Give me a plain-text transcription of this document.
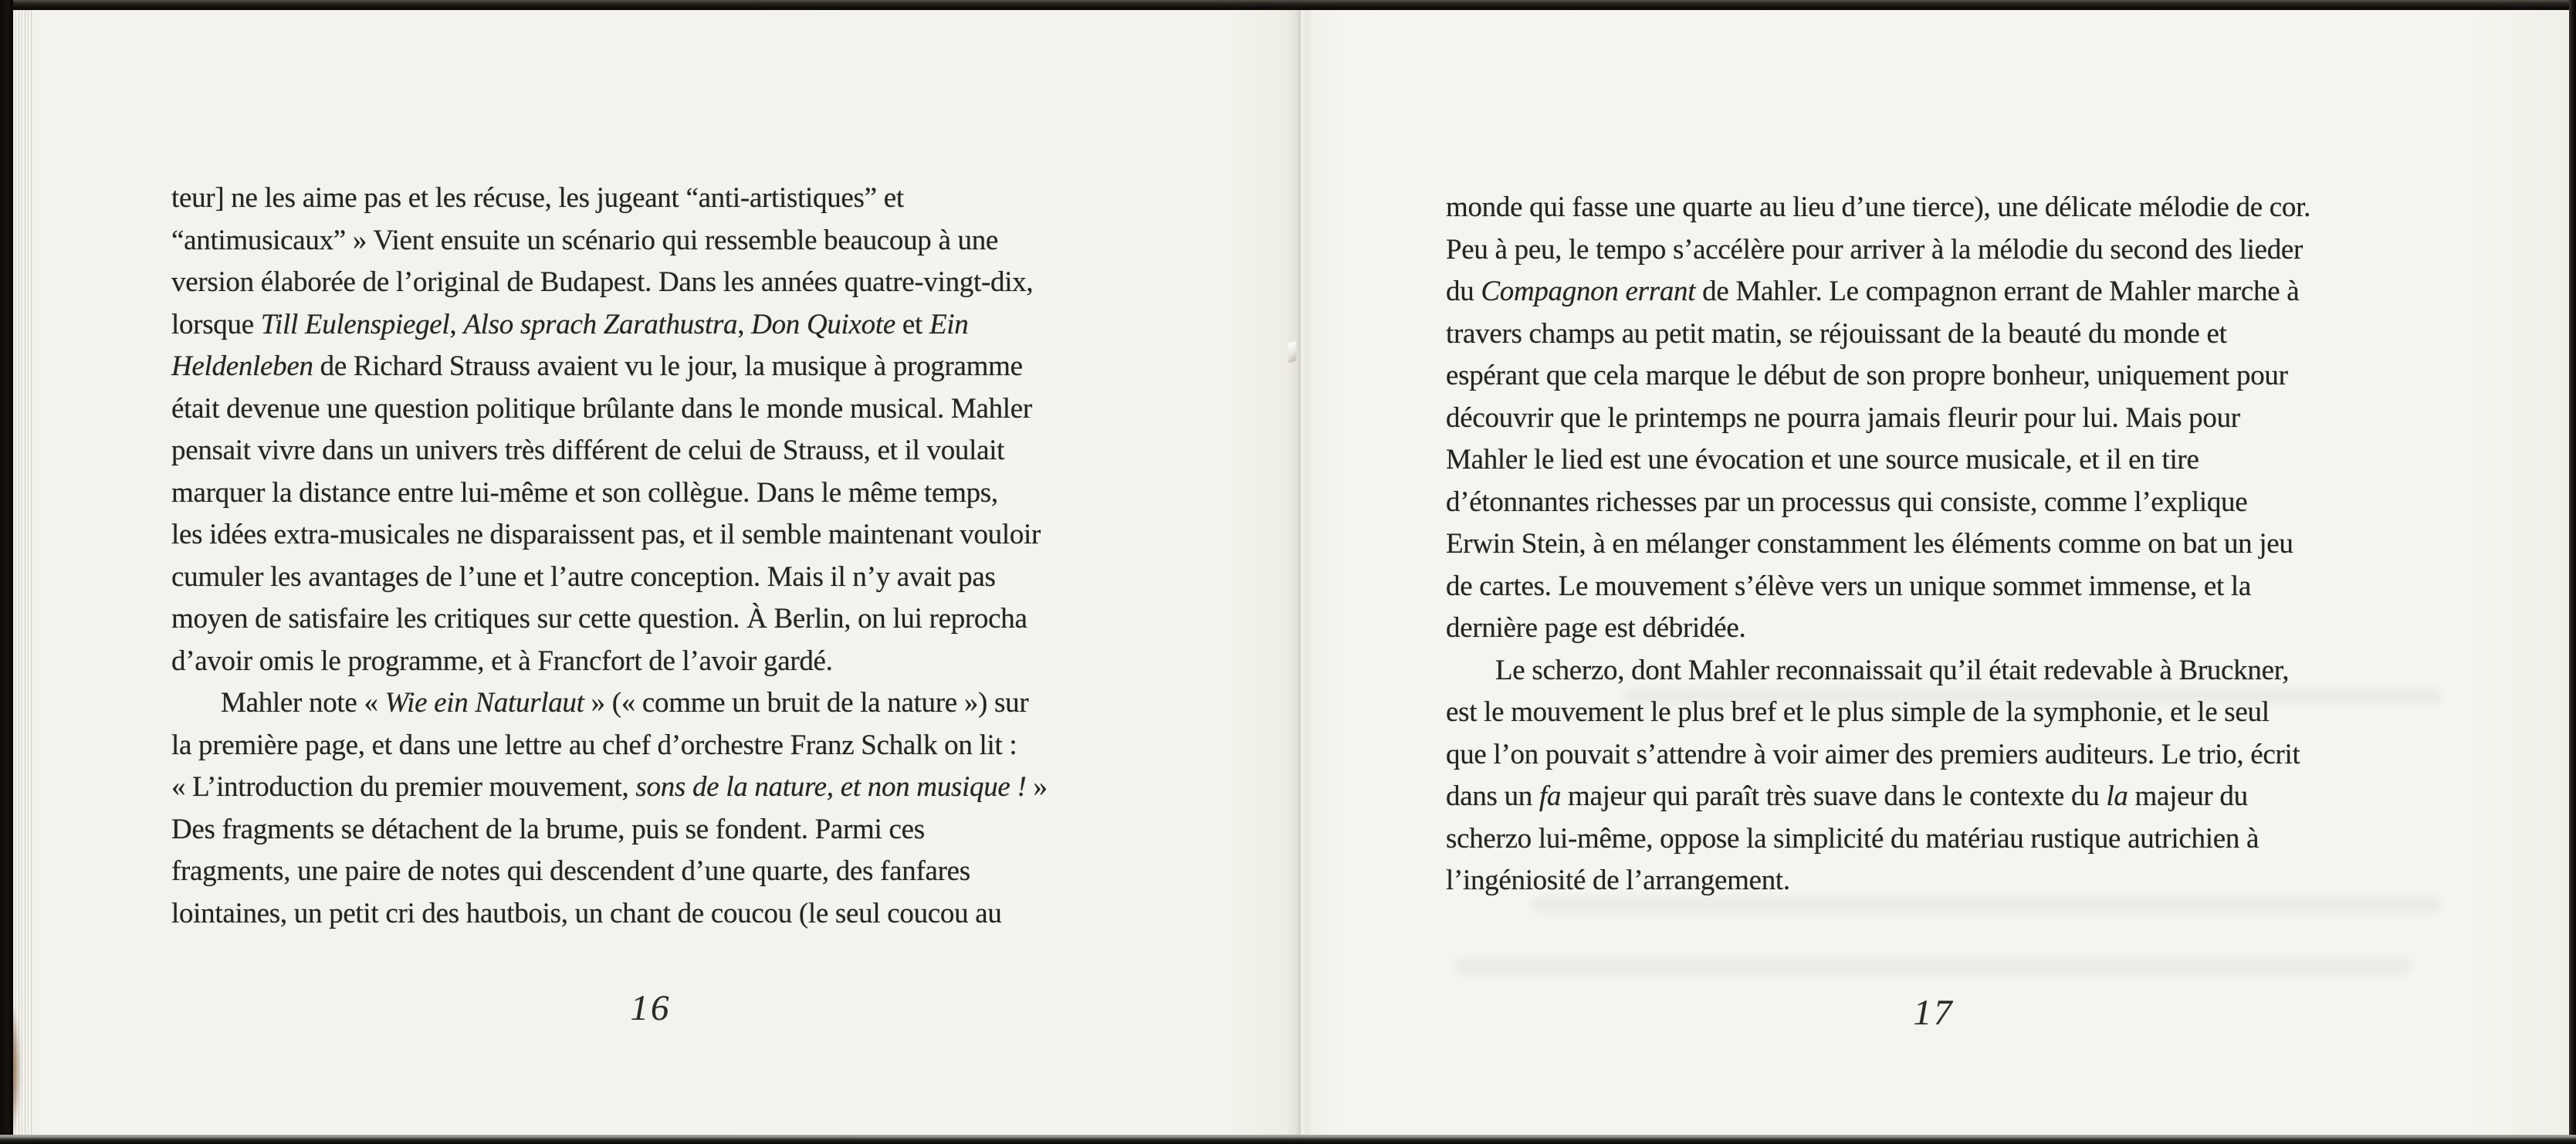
teur] ne les aime pas et les récuse, les jugeant “anti-artistiques” et
“antimusicaux” » Vient ensuite un scénario qui ressemble beaucoup à une
version élaborée de l’original de Budapest. Dans les années quatre-vingt-dix,
lorsque Till Eulenspiegel, Also sprach Zarathustra, Don Quixote et Ein
Heldenleben de Richard Strauss avaient vu le jour, la musique à programme
était devenue une question politique brûlante dans le monde musical. Mahler
pensait vivre dans un univers très différent de celui de Strauss, et il voulait
marquer la distance entre lui-même et son collègue. Dans le même temps,
les idées extra-musicales ne disparaissent pas, et il semble maintenant vouloir
cumuler les avantages de l’une et l’autre conception. Mais il n’y avait pas
moyen de satisfaire les critiques sur cette question. À Berlin, on lui reprocha
d’avoir omis le programme, et à Francfort de l’avoir gardé.
Mahler note « Wie ein Naturlaut » (« comme un bruit de la nature ») sur
la première page, et dans une lettre au chef d’orchestre Franz Schalk on lit :
« L’introduction du premier mouvement, sons de la nature, et non musique ! »
Des fragments se détachent de la brume, puis se fondent. Parmi ces
fragments, une paire de notes qui descendent d’une quarte, des fanfares
lointaines, un petit cri des hautbois, un chant de coucou (le seul coucou au
16
monde qui fasse une quarte au lieu d’une tierce), une délicate mélodie de cor.
Peu à peu, le tempo s’accélère pour arriver à la mélodie du second des lieder
du Compagnon errant de Mahler. Le compagnon errant de Mahler marche à
travers champs au petit matin, se réjouissant de la beauté du monde et
espérant que cela marque le début de son propre bonheur, uniquement pour
découvrir que le printemps ne pourra jamais fleurir pour lui. Mais pour
Mahler le lied est une évocation et une source musicale, et il en tire
d’étonnantes richesses par un processus qui consiste, comme l’explique
Erwin Stein, à en mélanger constamment les éléments comme on bat un jeu
de cartes. Le mouvement s’élève vers un unique sommet immense, et la
dernière page est débridée.
Le scherzo, dont Mahler reconnaissait qu’il était redevable à Bruckner,
est le mouvement le plus bref et le plus simple de la symphonie, et le seul
que l’on pouvait s’attendre à voir aimer des premiers auditeurs. Le trio, écrit
dans un fa majeur qui paraît très suave dans le contexte du la majeur du
scherzo lui-même, oppose la simplicité du matériau rustique autrichien à
l’ingéniosité de l’arrangement.
17
